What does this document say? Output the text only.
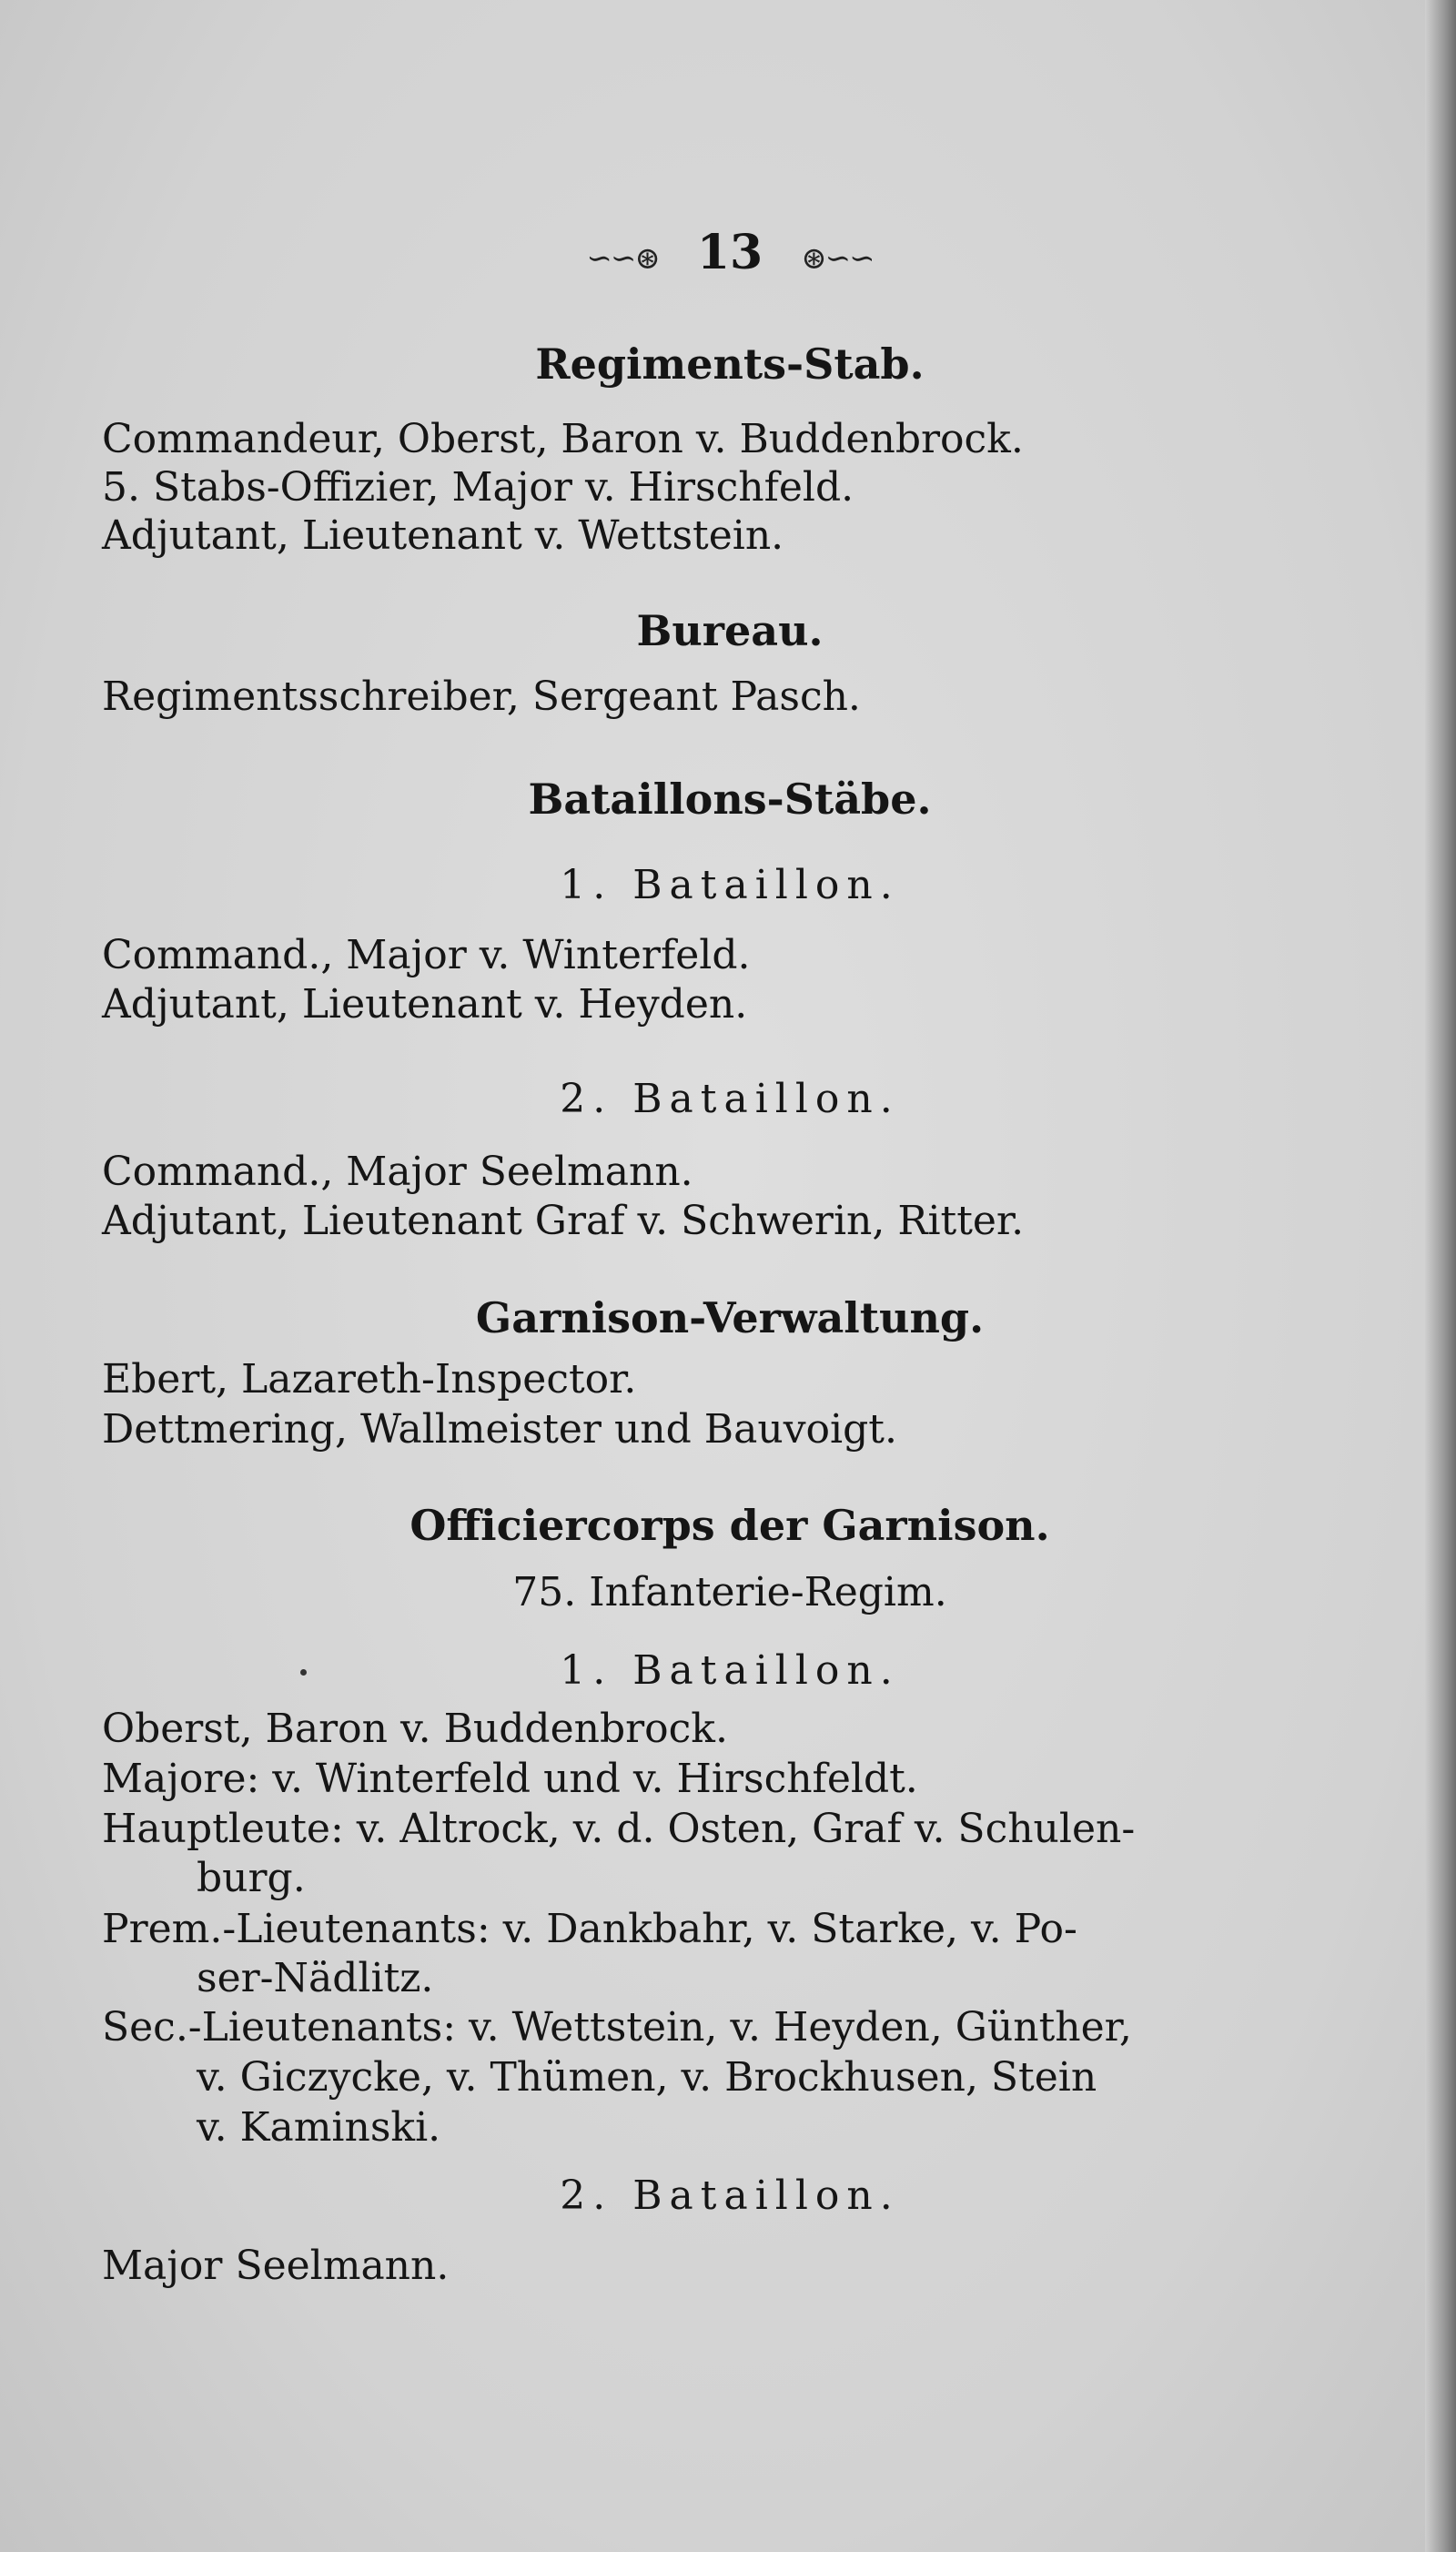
∽∽⊛ 13 ⊛∽∽
Regiments-Stab.
Commandeur, Oberst, Baron v. Buddenbrock.
5. Stabs-Offizier, Major v. Hirschfeld.
Adjutant, Lieutenant v. Wettstein.
Bureau.
Regimentsschreiber, Sergeant Pasch.
Bataillons-Stäbe.
1. Bataillon.
Command., Major v. Winterfeld.
Adjutant, Lieutenant v. Heyden.
2. Bataillon.
Command., Major Seelmann.
Adjutant, Lieutenant Graf v. Schwerin, Ritter.
Garnison-Verwaltung.
Ebert, Lazareth-Inspector.
Dettmering, Wallmeister und Bauvoigt.
Officiercorps der Garnison.
75. Infanterie-Regim.
1. Bataillon.
Oberst, Baron v. Buddenbrock.
Majore: v. Winterfeld und v. Hirschfeldt.
Hauptleute: v. Altrock, v. d. Osten, Graf v. Schulen-
burg.
Prem.-Lieutenants: v. Dankbahr, v. Starke, v. Po-
ser-Nädlitz.
Sec.-Lieutenants: v. Wettstein, v. Heyden, Günther,
v. Giczycke, v. Thümen, v. Brockhusen, Stein
v. Kaminski.
2. Bataillon.
Major Seelmann.
